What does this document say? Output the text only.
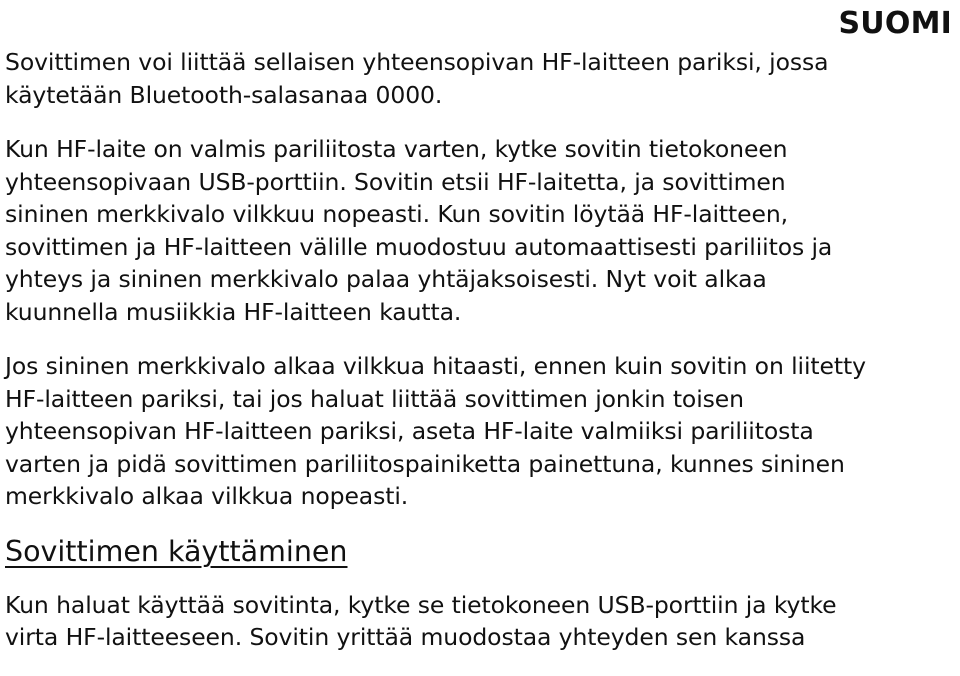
SUOMI

Sovittimen voi liittää sellaisen yhteensopivan HF-laitteen pariksi, jossa
käytetään Bluetooth-salasanaa 0000.

Kun HF-laite on valmis pariliitosta varten, kytke sovitin tietokoneen
yhteensopivaan USB-porttiin. Sovitin etsii HF-laitetta, ja sovittimen
sininen merkkivalo vilkkuu nopeasti. Kun sovitin löytää HF-laitteen,
sovittimen ja HF-laitteen välille muodostuu automaattisesti pariliitos ja
yhteys ja sininen merkkivalo palaa yhtäjaksoisesti. Nyt voit alkaa
kuunnella musiikkia HF-laitteen kautta.

Jos sininen merkkivalo alkaa vilkkua hitaasti, ennen kuin sovitin on liitetty
HF-laitteen pariksi, tai jos haluat liittää sovittimen jonkin toisen
yhteensopivan HF-laitteen pariksi, aseta HF-laite valmiiksi pariliitosta
varten ja pidä sovittimen pariliitospainiketta painettuna, kunnes sininen
merkkivalo alkaa vilkkua nopeasti.

Sovittimen käyttäminen

Kun haluat käyttää sovitinta, kytke se tietokoneen USB-porttiin ja kytke
virta HF-laitteeseen. Sovitin yrittää muodostaa yhteyden sen kanssa
